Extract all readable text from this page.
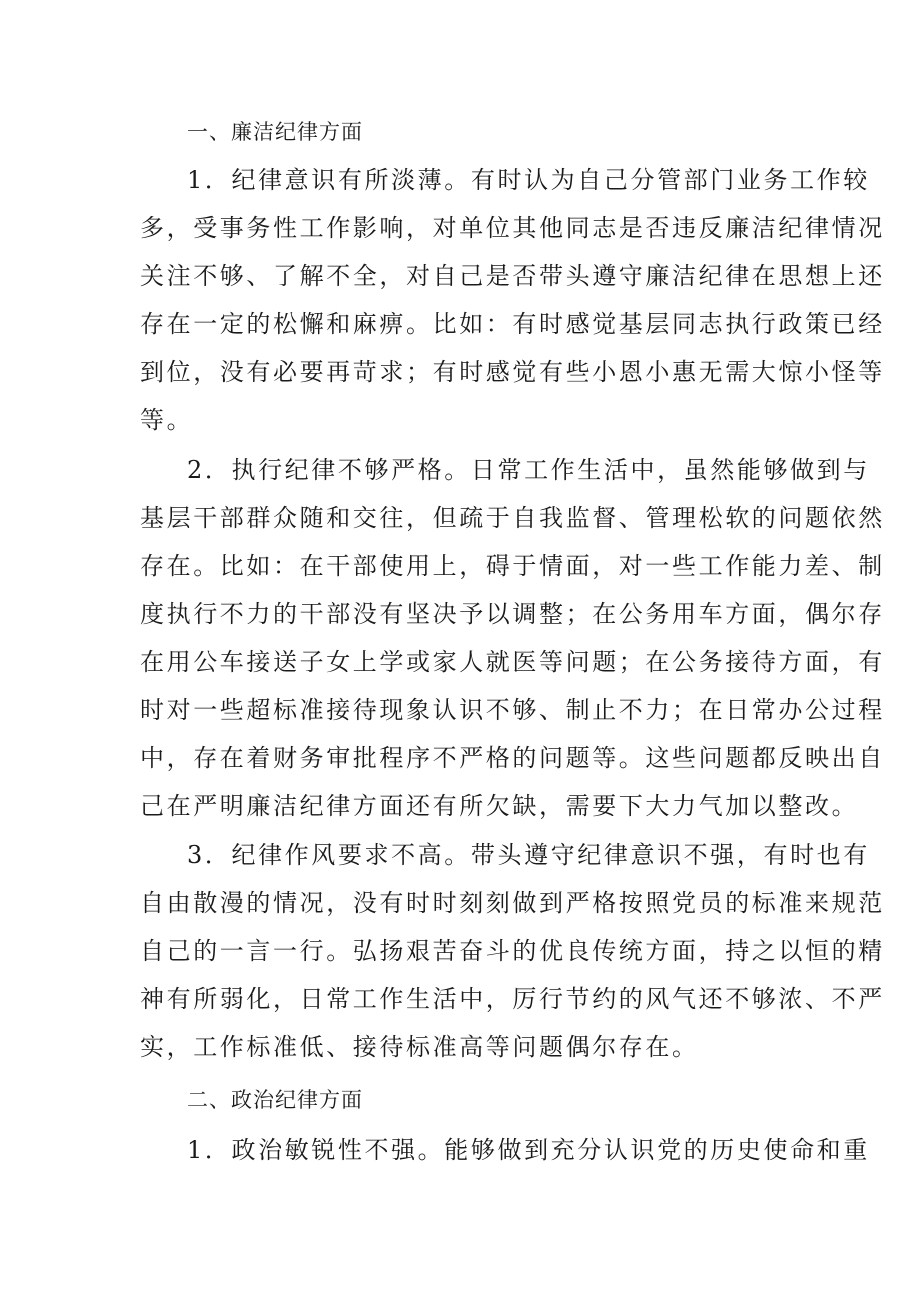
一、廉洁纪律方面
1．纪律意识有所淡薄。有时认为自己分管部门业务工作较
多，受事务性工作影响，对单位其他同志是否违反廉洁纪律情况
关注不够、了解不全，对自己是否带头遵守廉洁纪律在思想上还
存在一定的松懈和麻痹。比如：有时感觉基层同志执行政策已经
到位，没有必要再苛求；有时感觉有些小恩小惠无需大惊小怪等
等。
2．执行纪律不够严格。日常工作生活中，虽然能够做到与
基层干部群众随和交往，但疏于自我监督、管理松软的问题依然
存在。比如：在干部使用上，碍于情面，对一些工作能力差、制
度执行不力的干部没有坚决予以调整；在公务用车方面，偶尔存
在用公车接送子女上学或家人就医等问题；在公务接待方面，有
时对一些超标准接待现象认识不够、制止不力；在日常办公过程
中，存在着财务审批程序不严格的问题等。这些问题都反映出自
己在严明廉洁纪律方面还有所欠缺，需要下大力气加以整改。
3．纪律作风要求不高。带头遵守纪律意识不强，有时也有
自由散漫的情况，没有时时刻刻做到严格按照党员的标准来规范
自己的一言一行。弘扬艰苦奋斗的优良传统方面，持之以恒的精
神有所弱化，日常工作生活中，厉行节约的风气还不够浓、不严
实，工作标准低、接待标准高等问题偶尔存在。
二、政治纪律方面
1．政治敏锐性不强。能够做到充分认识党的历史使命和重
